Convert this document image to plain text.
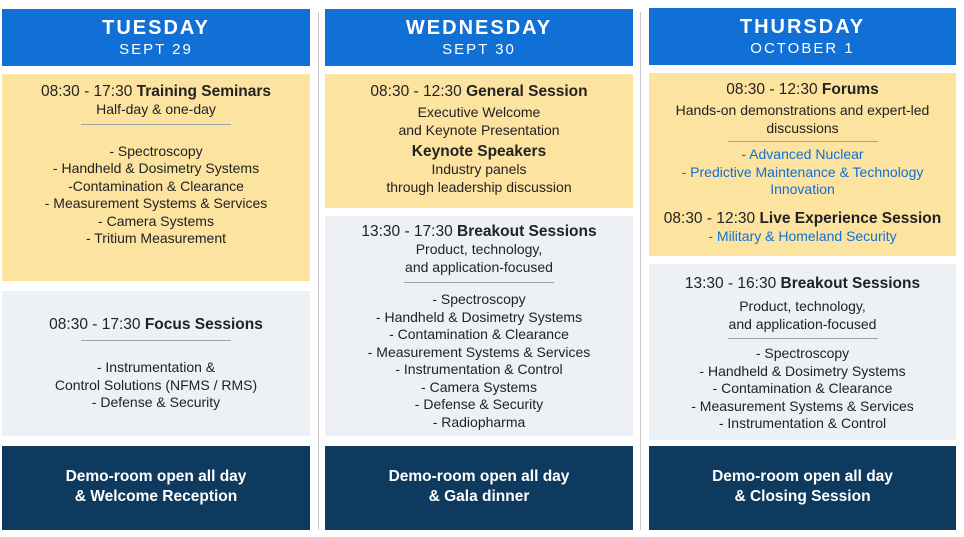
TUESDAY
SEPT 29
08:30 - 17:30 Training Seminars
Half-day & one-day
- Spectroscopy
- Handheld & Dosimetry Systems
-Contamination & Clearance
- Measurement Systems & Services
- Camera Systems
- Tritium Measurement
08:30 - 17:30 Focus Sessions
- Instrumentation &
Control Solutions (NFMS / RMS)
- Defense & Security
Demo-room open all day
& Welcome Reception
WEDNESDAY
SEPT 30
08:30 - 12:30 General Session
Executive Welcome
and Keynote Presentation
Keynote Speakers
Industry panels
through leadership discussion
13:30 - 17:30 Breakout Sessions
Product, technology,
and application-focused
- Spectroscopy
- Handheld & Dosimetry Systems
- Contamination & Clearance
- Measurement Systems & Services
- Instrumentation & Control
- Camera Systems
- Defense & Security
- Radiopharma
Demo-room open all day
& Gala dinner
THURSDAY
OCTOBER 1
08:30 - 12:30 Forums
Hands-on demonstrations and expert-led
discussions
- Advanced Nuclear
- Predictive Maintenance & Technology
Innovation
08:30 - 12:30 Live Experience Session
- Military & Homeland Security
13:30 - 16:30 Breakout Sessions
Product, technology,
and application-focused
- Spectroscopy
- Handheld & Dosimetry Systems
- Contamination & Clearance
- Measurement Systems & Services
- Instrumentation & Control
Demo-room open all day
& Closing Session
